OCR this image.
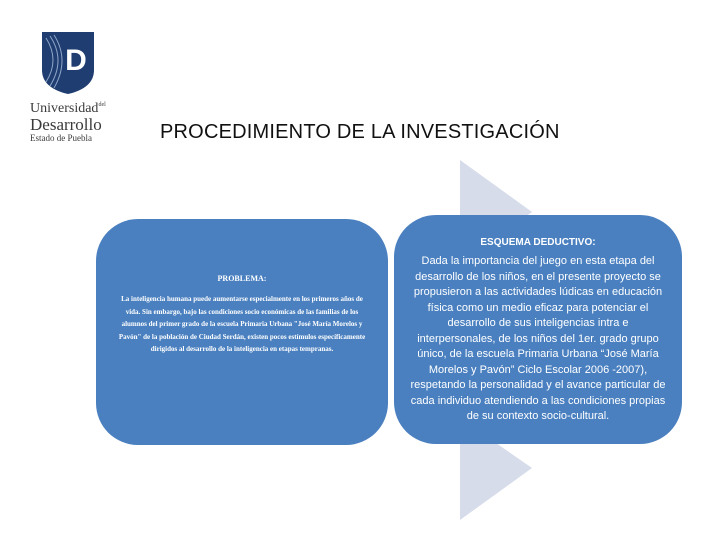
D
Universidad$^{del}$
Desarrollo
Estado de Puebla	PROCEDIMIENTO DE LA INVESTIGACIÓN
PROBLEMA:
La inteligencia humana puede aumentarse especialmente en los primeros años de vida. Sin embargo, bajo las condiciones socio económicas de las familias de los alumnos del primer grado de la escuela Primaria Urbana "José María Morelos y Pavón" de la población de Ciudad Serdán, existen pocos estímulos específicamente dirigidos al desarrollo de la inteligencia en etapas tempranas.
ESQUEMA DEDUCTIVO:
Dada la importancia del juego en esta etapa del desarrollo de los niños, en el presente proyecto se propusieron a las actividades lúdicas en educación física como un medio eficaz para potenciar el desarrollo de sus inteligencias intra e interpersonales, de los niños del 1er. grado grupo único, de la escuela Primaria Urbana “José María Morelos y Pavón” Ciclo Escolar 2006 -2007), respetando la personalidad y el avance particular de cada individuo atendiendo a las condiciones propias de su contexto socio-cultural.
